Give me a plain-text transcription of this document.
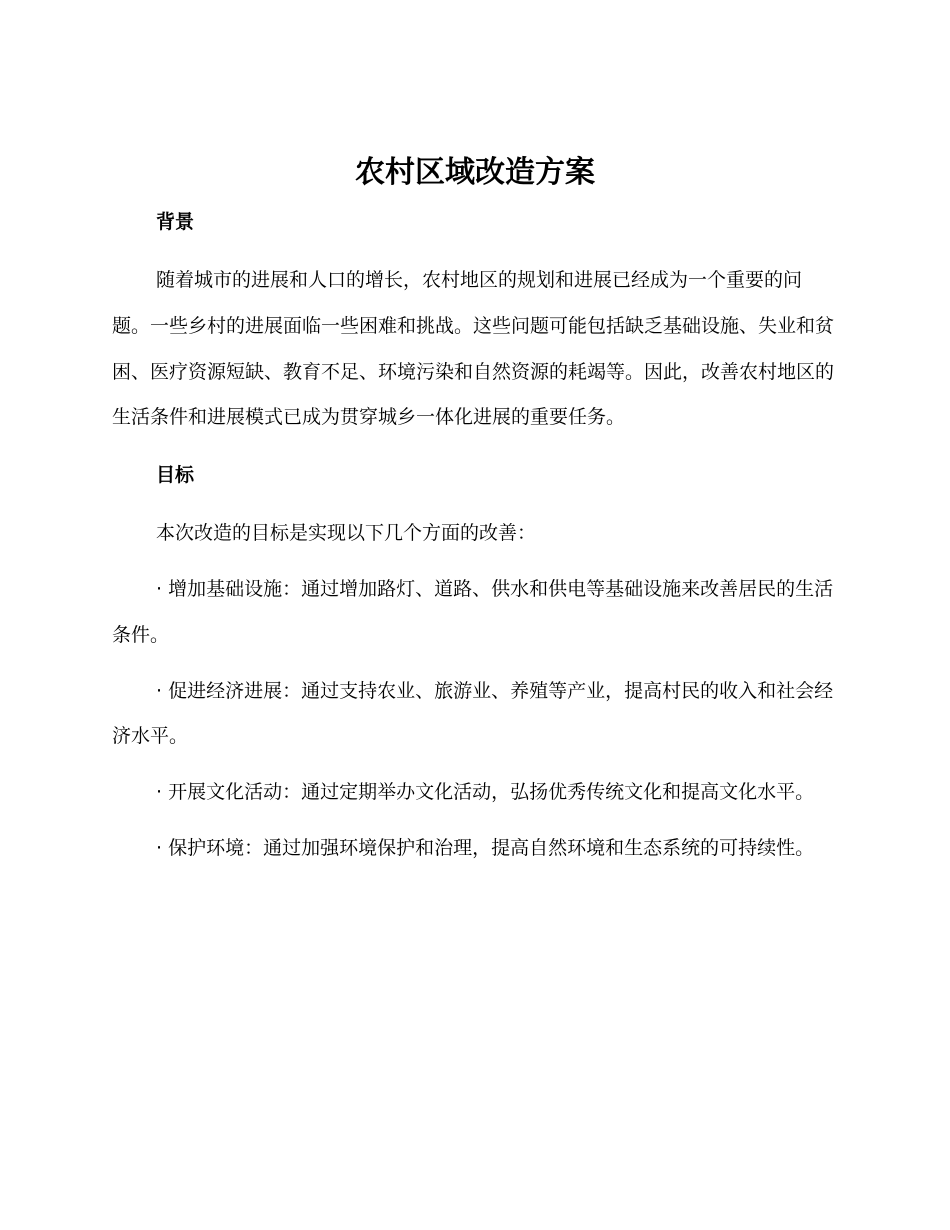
农村区域改造方案
背景

随着城市的进展和人口的增长，农村地区的规划和进展已经成为一个重要的问题。一些乡村的进展面临一些困难和挑战。这些问题可能包括缺乏基础设施、失业和贫困、医疗资源短缺、教育不足、环境污染和自然资源的耗竭等。因此，改善农村地区的生活条件和进展模式已成为贯穿城乡一体化进展的重要任务。

目标

本次改造的目标是实现以下几个方面的改善：

· 增加基础设施：通过增加路灯、道路、供水和供电等基础设施来改善居民的生活条件。

· 促进经济进展：通过支持农业、旅游业、养殖等产业，提高村民的收入和社会经济水平。

· 开展文化活动：通过定期举办文化活动，弘扬优秀传统文化和提高文化水平。

· 保护环境：通过加强环境保护和治理，提高自然环境和生态系统的可持续性。
